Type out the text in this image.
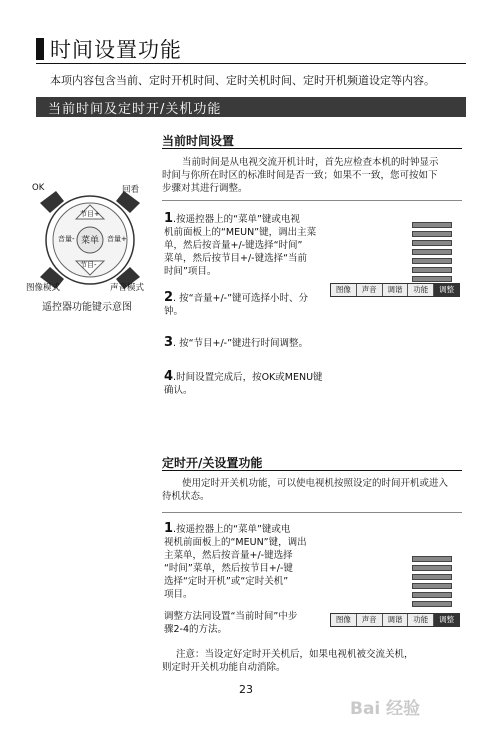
时间设置功能

本项内容包含当前、定时开机时间、定时关机时间、定时开机频道设定等内容。

当前时间及定时开/关机功能
OK	回看
节目+
音量- 菜单 音量+
节目-
图像模式	声音模式

遥控器功能键示意图

当前时间设置

当前时间是从电视交流开机计时，首先应检查本机的时钟显示

时间与你所在时区的标准时间是否一致；如果不一致，您可按如下

步骤对其进行调整。

1.按遥控器上的“菜单”键或电视
机前面板上的“MEUN”键，调出主菜
单，然后按音量+/-键选择“时间”
菜单，然后按节目+/-键选择“当前
时间”项目。
图像	声音	调谐	功能	调整
2. 按“音量+/-”键可选择小时、分
钟。
3. 按“节目+/-”键进行时间调整。
4.时间设置完成后，按OK或MENU键
确认。
定时开/关设置功能

使用定时开关机功能，可以使电视机按照设定的时间开机或进入

待机状态。

1.按遥控器上的“菜单”键或电
视机前面板上的“MEUN”键，调出
主菜单，然后按音量+/-键选择
“时间”菜单，然后按节目+/-键
选择“定时开机”或“定时关机”
项目。
图像	声音	调谐	功能	调整
调整方法同设置“当前时间”中步
骤2-4的方法。

注意：当设定好定时开关机后，如果电视机被交流关机，

则定时开关机功能自动消除。

23
Bai 经验
